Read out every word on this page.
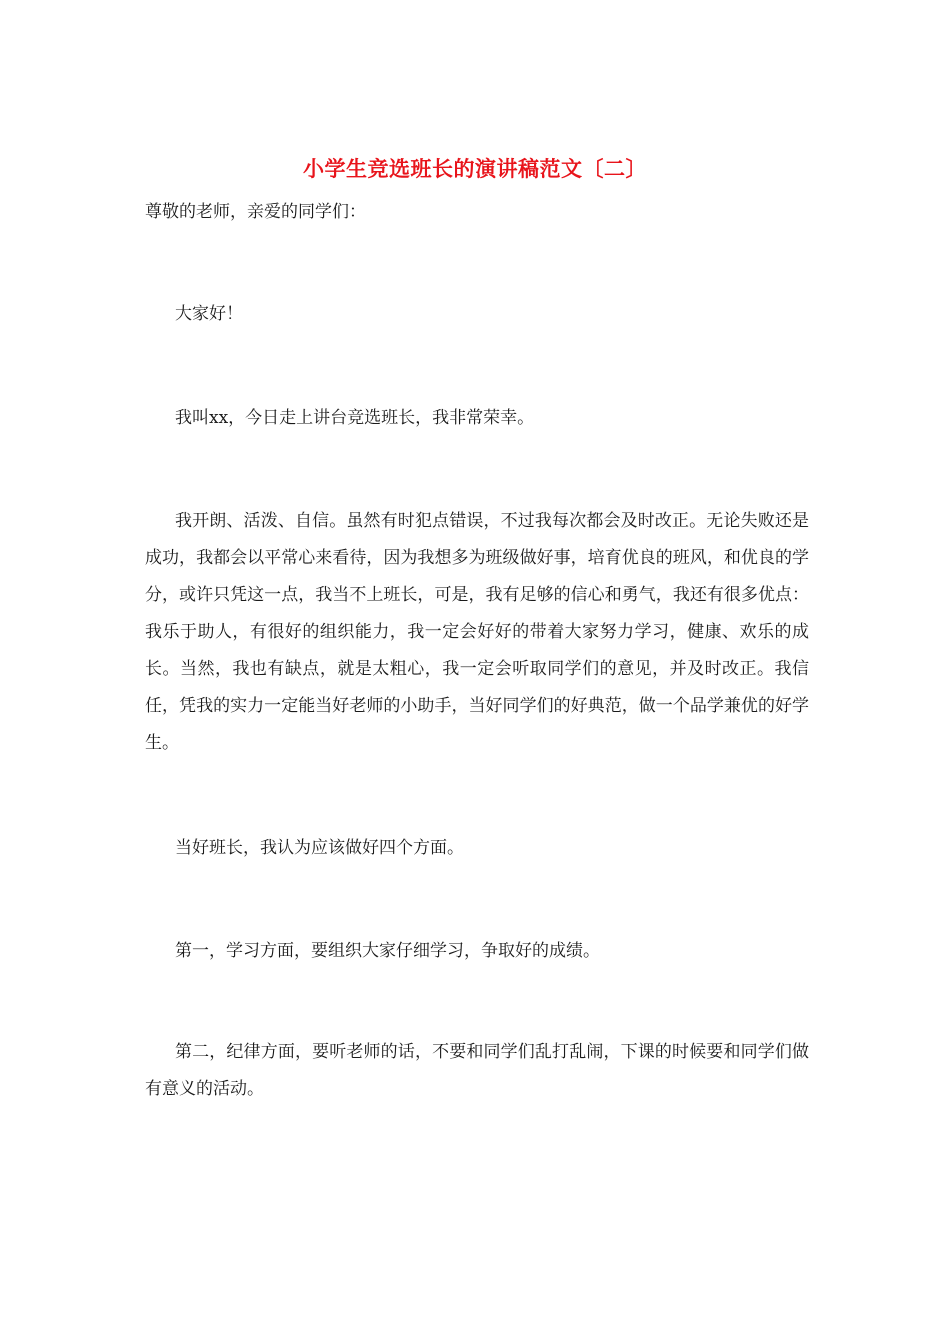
小学生竞选班长的演讲稿范文〔二〕

尊敬的老师，亲爱的同学们：

大家好！

我叫xx，今日走上讲台竞选班长，我非常荣幸。

我开朗、活泼、自信。虽然有时犯点错误，不过我每次都会及时改正。无论失败还是成功，我都会以平常心来看待，因为我想多为班级做好事，培育优良的班风，和优良的学分，或许只凭这一点，我当不上班长，可是，我有足够的信心和勇气，我还有很多优点：我乐于助人，有很好的组织能力，我一定会好好的带着大家努力学习，健康、欢乐的成长。当然，我也有缺点，就是太粗心，我一定会听取同学们的意见，并及时改正。我信任，凭我的实力一定能当好老师的小助手，当好同学们的好典范，做一个品学兼优的好学生。

当好班长，我认为应该做好四个方面。

第一，学习方面，要组织大家仔细学习，争取好的成绩。

第二，纪律方面，要听老师的话，不要和同学们乱打乱闹，下课的时候要和同学们做有意义的活动。
